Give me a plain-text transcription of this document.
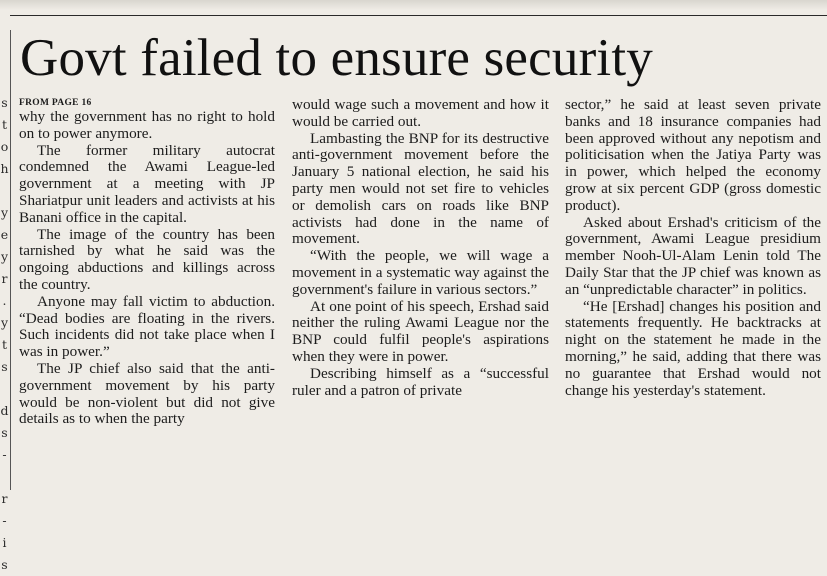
s
t
o
h

y
e
y
r
.
y
t
s

d
s
-

r
-
i
s
Govt failed to ensure security
FROM PAGE 16

why the government has no right to hold on to power anymore.

The former military autocrat condemned the Awami League-led government at a meeting with JP Shariatpur unit leaders and activists at his Banani office in the capital.

The image of the country has been tarnished by what he said was the ongoing abductions and killings across the country.

Anyone may fall victim to abduction. “Dead bodies are floating in the rivers. Such incidents did not take place when I was in power.”

The JP chief also said that the anti-government movement by his party would be non-violent but did not give details as to when the party

would wage such a movement and how it would be carried out.

Lambasting the BNP for its destructive anti-government movement before the January 5 national election, he said his party men would not set fire to vehicles or demolish cars on roads like BNP activists had done in the name of movement.

“With the people, we will wage a movement in a systematic way against the government's failure in various sectors.”

At one point of his speech, Ershad said neither the ruling Awami League nor the BNP could fulfil people's aspirations when they were in power.

Describing himself as a “successful ruler and a patron of private

sector,” he said at least seven private banks and 18 insurance companies had been approved without any nepotism and politicisation when the Jatiya Party was in power, which helped the economy grow at six percent GDP (gross domestic product).

Asked about Ershad's criticism of the government, Awami League presidium member Nooh-Ul-Alam Lenin told The Daily Star that the JP chief was known as an “unpredictable character” in politics.

“He [Ershad] changes his position and statements frequently. He backtracks at night on the statement he made in the morning,” he said, adding that there was no guarantee that Ershad would not change his yesterday's statement.
